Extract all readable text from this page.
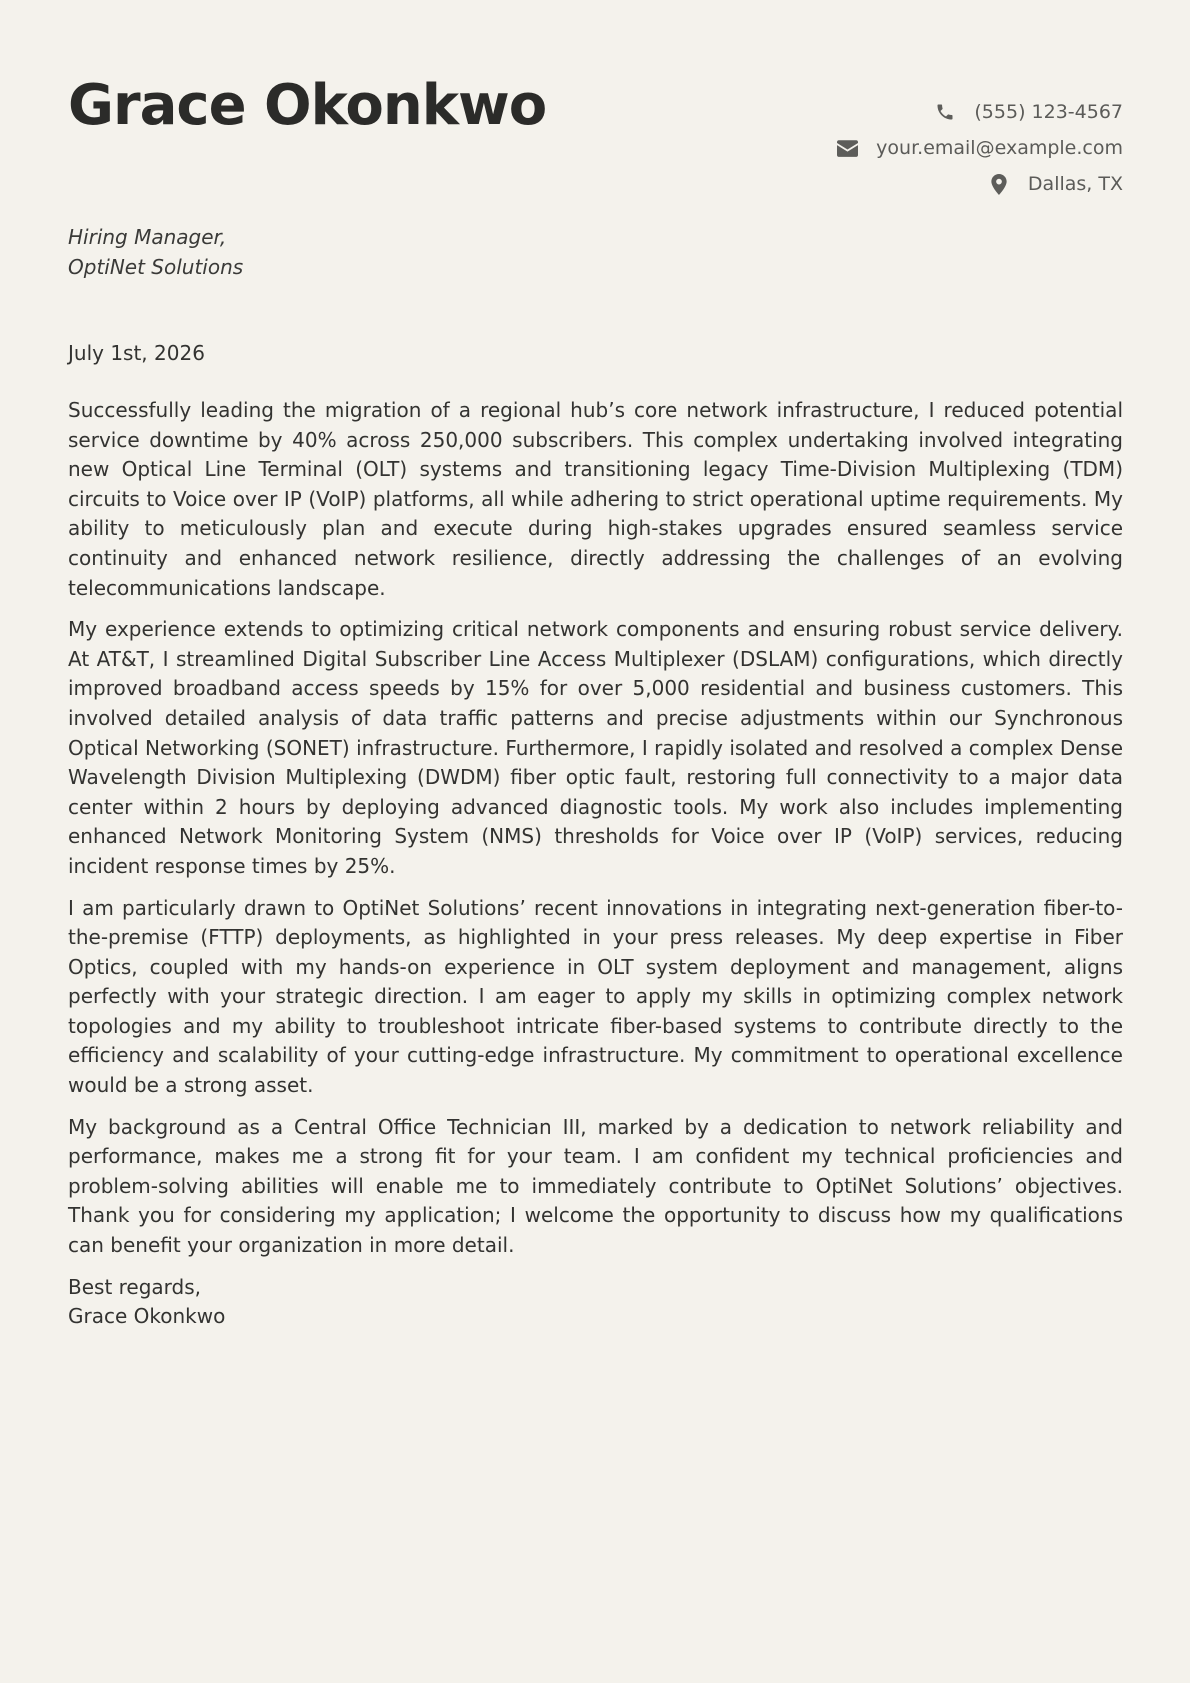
Grace Okonkwo	(555) 123-4567
your.email@example.com
Dallas, TX
Hiring Manager,
OptiNet Solutions
July 1st, 2026

Successfully leading the migration of a regional hub’s core network infrastructure, I reduced potential service downtime by 40% across 250,000 subscribers. This complex undertaking involved integrating new Optical Line Terminal (OLT) systems and transitioning legacy Time-Division Multiplexing (TDM) circuits to Voice over IP (VoIP) platforms, all while adhering to strict operational uptime requirements. My ability to meticulously plan and execute during high-stakes upgrades ensured seamless service continuity and enhanced network resilience, directly addressing the challenges of an evolving telecommunications landscape.

My experience extends to optimizing critical network components and ensuring robust service delivery. At AT&T, I streamlined Digital Subscriber Line Access Multiplexer (DSLAM) configurations, which directly improved broadband access speeds by 15% for over 5,000 residential and business customers. This involved detailed analysis of data traffic patterns and precise adjustments within our Synchronous Optical Networking (SONET) infrastructure. Furthermore, I rapidly isolated and resolved a complex Dense Wavelength Division Multiplexing (DWDM) fiber optic fault, restoring full connectivity to a major data center within 2 hours by deploying advanced diagnostic tools. My work also includes implementing enhanced Network Monitoring System (NMS) thresholds for Voice over IP (VoIP) services, reducing incident response times by 25%.

I am particularly drawn to OptiNet Solutions’ recent innovations in integrating next-generation fiber-to-the-premise (FTTP) deployments, as highlighted in your press releases. My deep expertise in Fiber Optics, coupled with my hands-on experience in OLT system deployment and management, aligns perfectly with your strategic direction. I am eager to apply my skills in optimizing complex network topologies and my ability to troubleshoot intricate fiber-based systems to contribute directly to the efficiency and scalability of your cutting-edge infrastructure. My commitment to operational excellence would be a strong asset.

My background as a Central Office Technician III, marked by a dedication to network reliability and performance, makes me a strong fit for your team. I am confident my technical proficiencies and problem-solving abilities will enable me to immediately contribute to OptiNet Solutions’ objectives. Thank you for considering my application; I welcome the opportunity to discuss how my qualifications can benefit your organization in more detail.

Best regards,
Grace Okonkwo
